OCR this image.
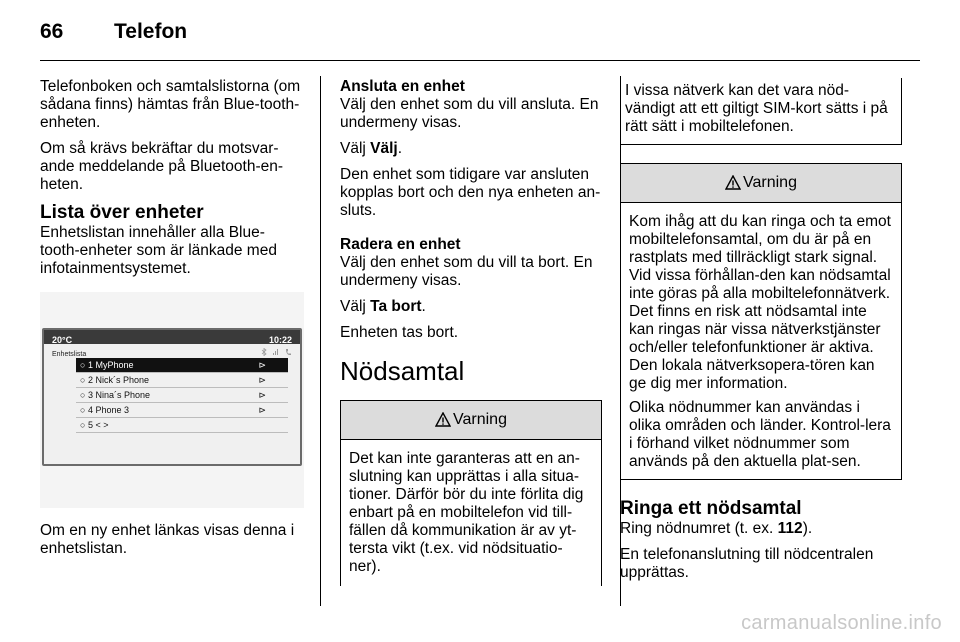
66 Telefon

Telefonboken och samtalslistorna (om sådana finns) hämtas från Blue-tooth-enheten.

Om så krävs bekräftar du motsvar-ande meddelande på Bluetooth-en-heten.

Lista över enheter

Enhetslistan innehåller alla Blue-tooth-enheter som är länkade med infotainmentsystemet.

20°C	10:22
Enhetslista

○ 1 MyPhone	⊳
○ 2 Nick´s Phone	⊳
○ 3 Nina´s Phone	⊳
○ 4 Phone 3	⊳
○ 5 < >

Om en ny enhet länkas visas denna i enhetslistan.

Ansluta en enhet

Välj den enhet som du vill ansluta. En undermeny visas.

Välj Välj.

Den enhet som tidigare var ansluten kopplas bort och den nya enheten an-sluts.

Radera en enhet

Välj den enhet som du vill ta bort. En undermeny visas.

Välj Ta bort.

Enheten tas bort.

Nödsamtal
Varning

Det kan inte garanteras att en an-slutning kan upprättas i alla situa-tioner. Därför bör du inte förlita dig enbart på en mobiltelefon vid till-fällen då kommunikation är av yt-tersta vikt (t.ex. vid nödsituatio-ner).

I vissa nätverk kan det vara nöd-vändigt att ett giltigt SIM-kort sätts i på rätt sätt i mobiltelefonen.

Varning

Kom ihåg att du kan ringa och ta emot mobiltelefonsamtal, om du är på en rastplats med tillräckligt stark signal. Vid vissa förhållan-den kan nödsamtal inte göras på alla mobiltelefonnätverk. Det finns en risk att nödsamtal inte kan ringas när vissa nätverkstjänster och/eller telefonfunktioner är aktiva. Den lokala nätverksopera-tören kan ge dig mer information.

Olika nödnummer kan användas i olika områden och länder. Kontrol-lera i förhand vilket nödnummer som används på den aktuella plat-sen.

Ringa ett nödsamtal

Ring nödnumret (t. ex. 112).

En telefonanslutning till nödcentralen upprättas.

carmanualsonline.info
